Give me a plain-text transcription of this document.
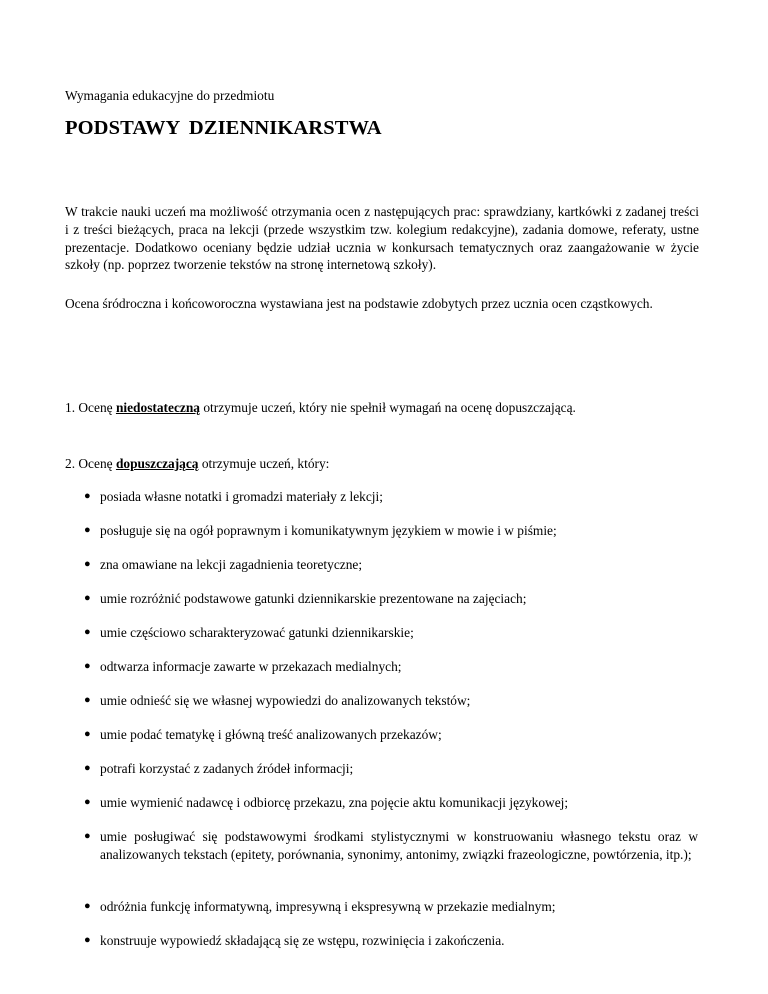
Wymagania edukacyjne do przedmiotu

PODSTAWY DZIENNIKARSTWA

W trakcie nauki uczeń ma możliwość otrzymania ocen z następujących prac: sprawdziany, kartkówki z zadanej treści i z treści bieżących, praca na lekcji (przede wszystkim tzw. kolegium redakcyjne), zadania domowe, referaty, ustne prezentacje. Dodatkowo oceniany będzie udział ucznia w konkursach tematycznych oraz zaangażowanie w życie szkoły (np. poprzez tworzenie tekstów na stronę internetową szkoły).

Ocena śródroczna i końcoworoczna wystawiana jest na podstawie zdobytych przez ucznia ocen cząstkowych.

1. Ocenę niedostateczną otrzymuje uczeń, który nie spełnił wymagań na ocenę dopuszczającą.

2. Ocenę dopuszczającą otrzymuje uczeń, który:

● posiada własne notatki i gromadzi materiały z lekcji;
● posługuje się na ogół poprawnym i komunikatywnym językiem w mowie i w piśmie;
● zna omawiane na lekcji zagadnienia teoretyczne;
● umie rozróżnić podstawowe gatunki dziennikarskie prezentowane na zajęciach;
● umie częściowo scharakteryzować gatunki dziennikarskie;
● odtwarza informacje zawarte w przekazach medialnych;
● umie odnieść się we własnej wypowiedzi do analizowanych tekstów;
● umie podać tematykę i główną treść analizowanych przekazów;
● potrafi korzystać z zadanych źródeł informacji;
● umie wymienić nadawcę i odbiorcę przekazu, zna pojęcie aktu komunikacji językowej;
● umie posługiwać się podstawowymi środkami stylistycznymi w konstruowaniu własnego tekstu oraz w analizowanych tekstach (epitety, porównania, synonimy, antonimy, związki frazeologiczne, powtórzenia, itp.);
● odróżnia funkcję informatywną, impresywną i ekspresywną w przekazie medialnym;
● konstruuje wypowiedź składającą się ze wstępu, rozwinięcia i zakończenia.
